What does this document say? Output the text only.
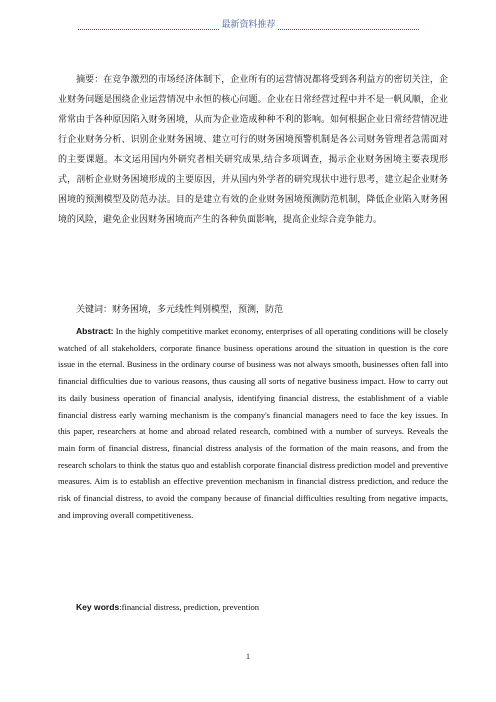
最新资料推荐
摘要：在竞争激烈的市场经济体制下，企业所有的运营情况都将受到各利益方的密切关注，企业财务问题是围绕企业运营情况中永恒的核心问题。企业在日常经营过程中并不是一帆风顺，企业常常由于各种原因陷入财务困境，从而为企业造成种种不利的影响。如何根据企业日常经营情况进行企业财务分析、识别企业财务困境、建立可行的财务困境预警机制是各公司财务管理者急需面对的主要课题。本文运用国内外研究者相关研究成果,结合多项调查，揭示企业财务困境主要表现形式，剖析企业财务困境形成的主要原因，并从国内外学者的研究现状中进行思考，建立起企业财务困境的预测模型及防范办法。目的是建立有效的企业财务困境预测防范机制，降低企业陷入财务困境的风险，避免企业因财务困境而产生的各种负面影响，提高企业综合竞争能力。
关键词：财务困境，多元线性判别模型，预测，防范
Abstract: In the highly competitive market economy, enterprises of all operating conditions will be closely watched of all stakeholders, corporate finance business operations around the situation in question is the core issue in the eternal. Business in the ordinary course of business was not always smooth, businesses often fall into financial difficulties due to various reasons, thus causing all sorts of negative business impact. How to carry out its daily business operation of financial analysis, identifying financial distress, the establishment of a viable financial distress early warning mechanism is the company's financial managers need to face the key issues. In this paper, researchers at home and abroad related research, combined with a number of surveys. Reveals the main form of financial distress, financial distress analysis of the formation of the main reasons, and from the research scholars to think the status quo and establish corporate financial distress prediction model and preventive measures. Aim is to establish an effective prevention mechanism in financial distress prediction, and reduce the risk of financial distress, to avoid the company because of financial difficulties resulting from negative impacts, and improving overall competitiveness.
Key words:financial distress, prediction, prevention
1
